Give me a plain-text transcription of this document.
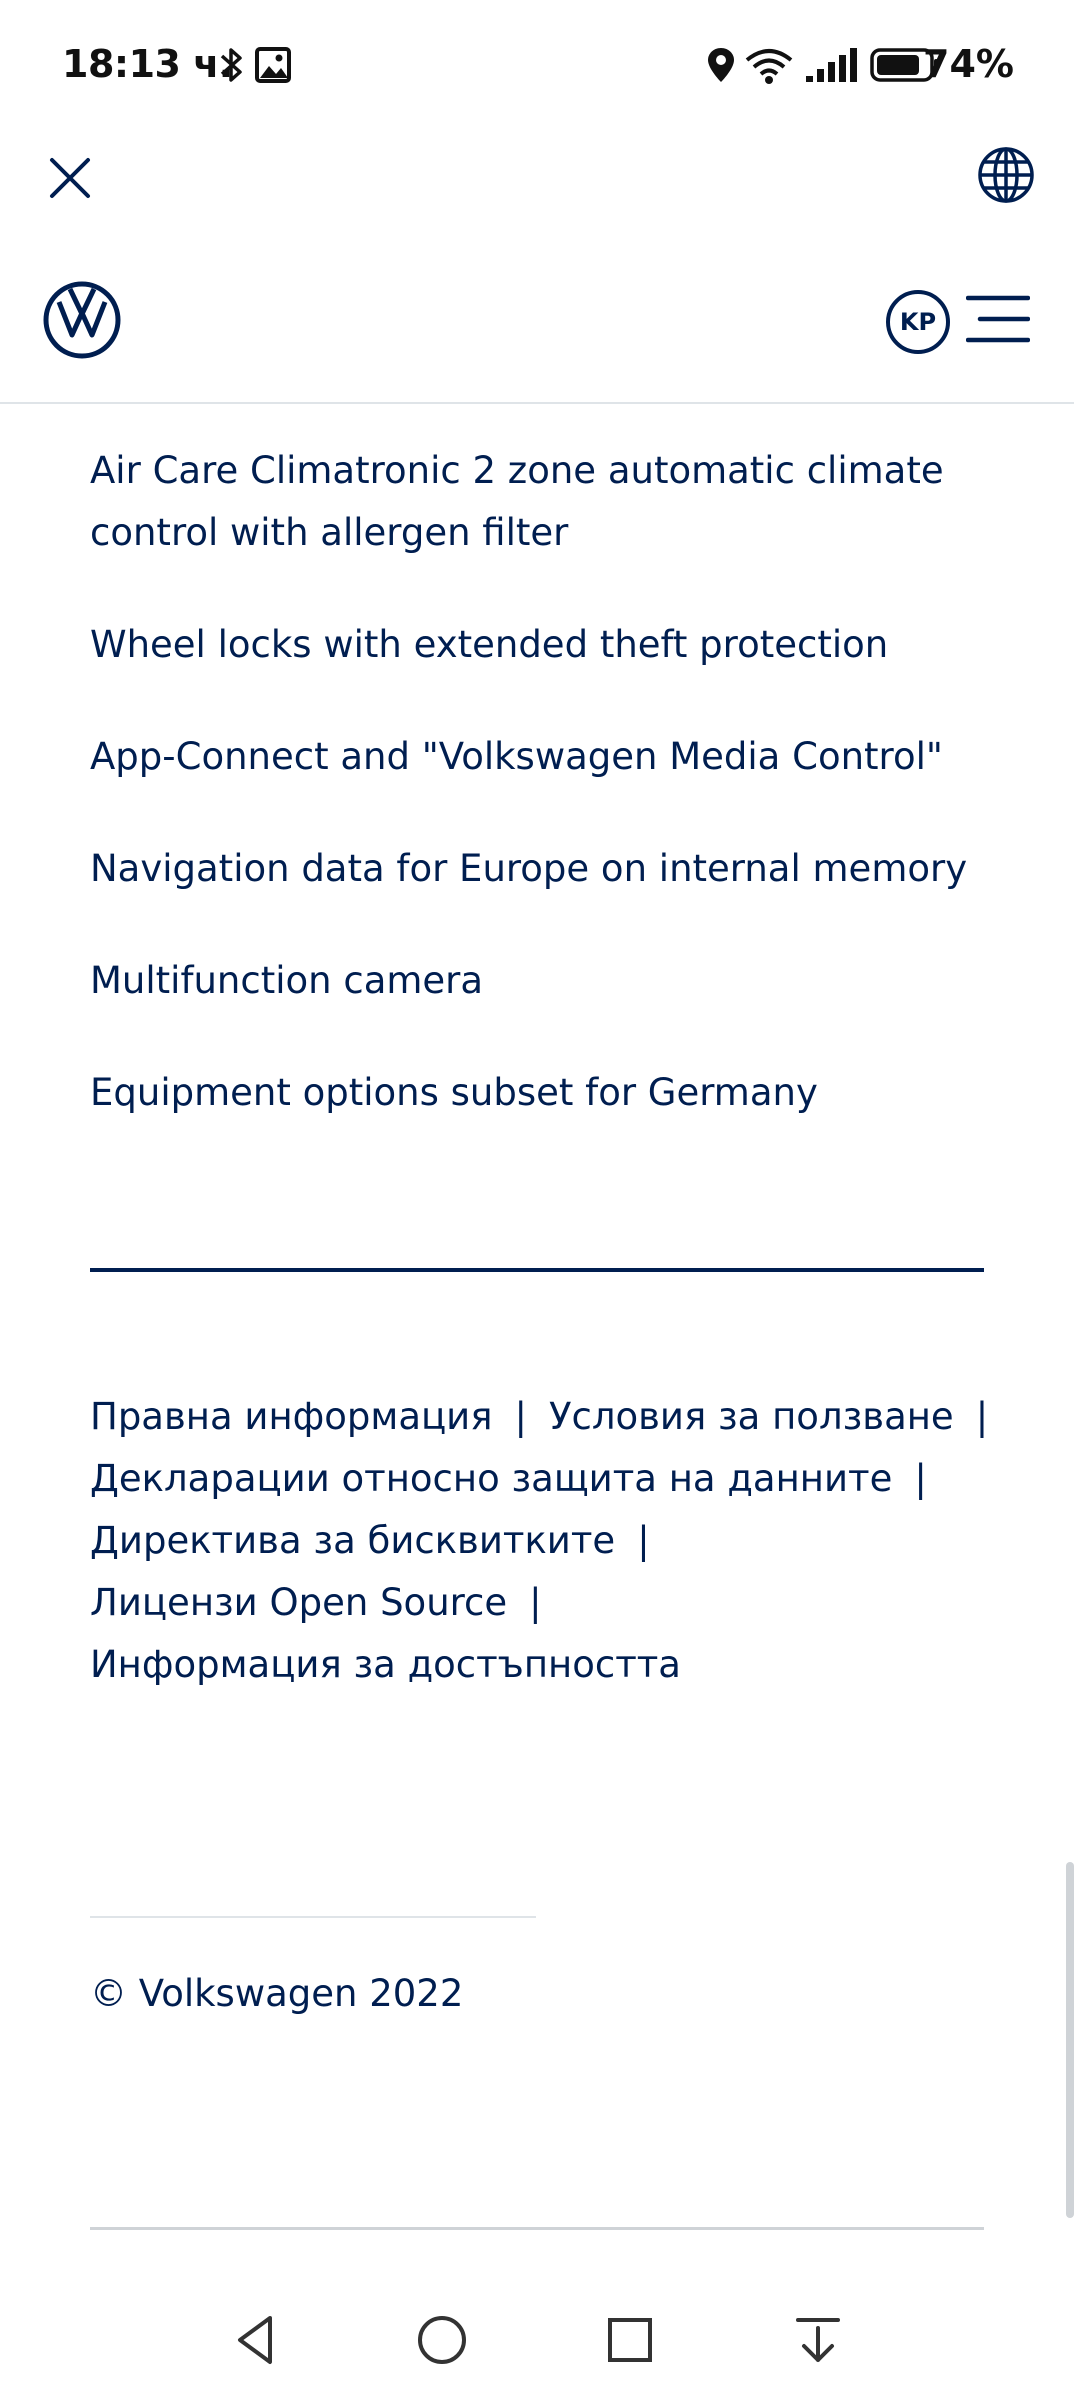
18:13 ч.	74%
KP
Air Care Climatronic 2 zone automatic climate control with allergen filter
Wheel locks with extended theft protection
App-Connect and "Volkswagen Media Control"
Navigation data for Europe on internal memory
Multifunction camera
Equipment options subset for Germany
Правна информация | Условия за ползване |
Декларации относно защита на данните |
Директива за бисквитките |
Лицензи Open Source |
Информация за достъпността
© Volkswagen 2022
